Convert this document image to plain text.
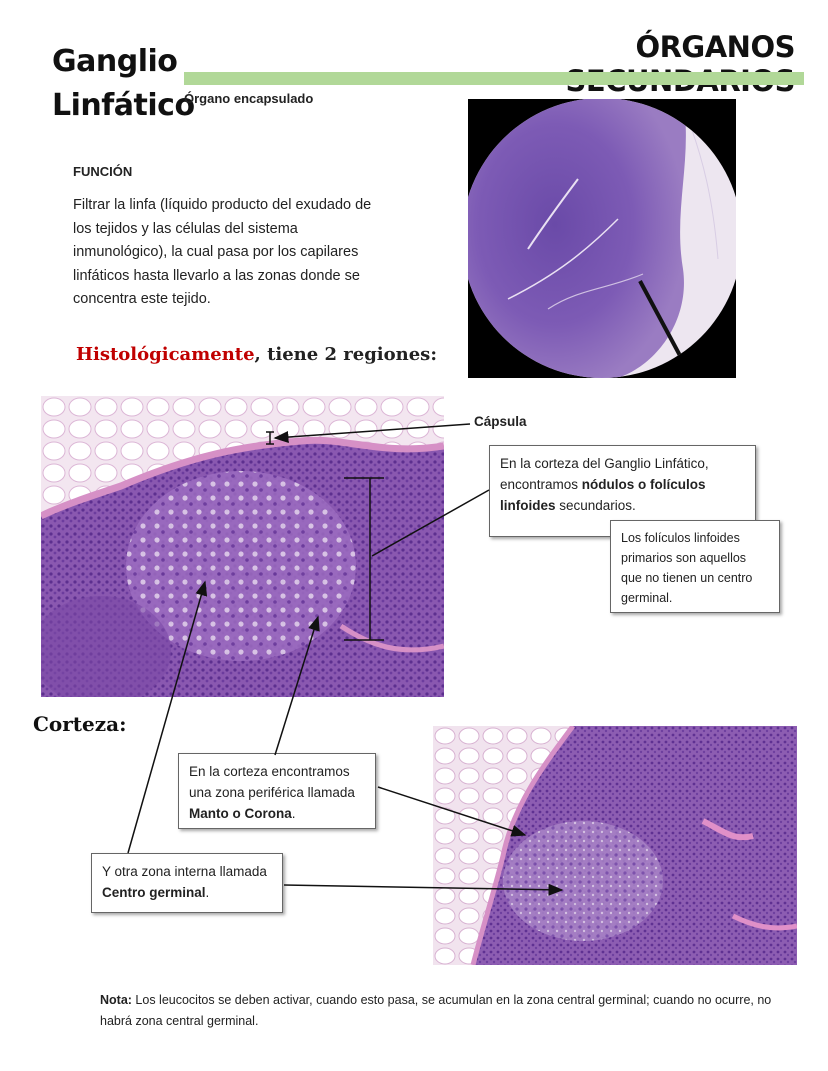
Ganglio
Linfático
ÓRGANOS
Órgano encapsulado
FUNCIÓN
Filtrar la linfa (líquido producto del exudado de los tejidos y las células del sistema inmunológico), la cual pasa por los capilares linfáticos hasta llevarlo a las zonas donde se concentra este tejido.
Histológicamente, tiene 2 regiones:
En la corteza del Ganglio Linfático, encontramos nódulos o folículos linfoides secundarios.
Los folículos linfoides primarios son aquellos que no tienen un centro germinal.
En la corteza encontramos una zona periférica llamada Manto o Corona.
Y otra zona interna llamada Centro germinal.
Cápsula
Corteza:
Nota: Los leucocitos se deben activar, cuando esto pasa, se acumulan en la zona central germinal; cuando no ocurre, no habrá zona central germinal.
